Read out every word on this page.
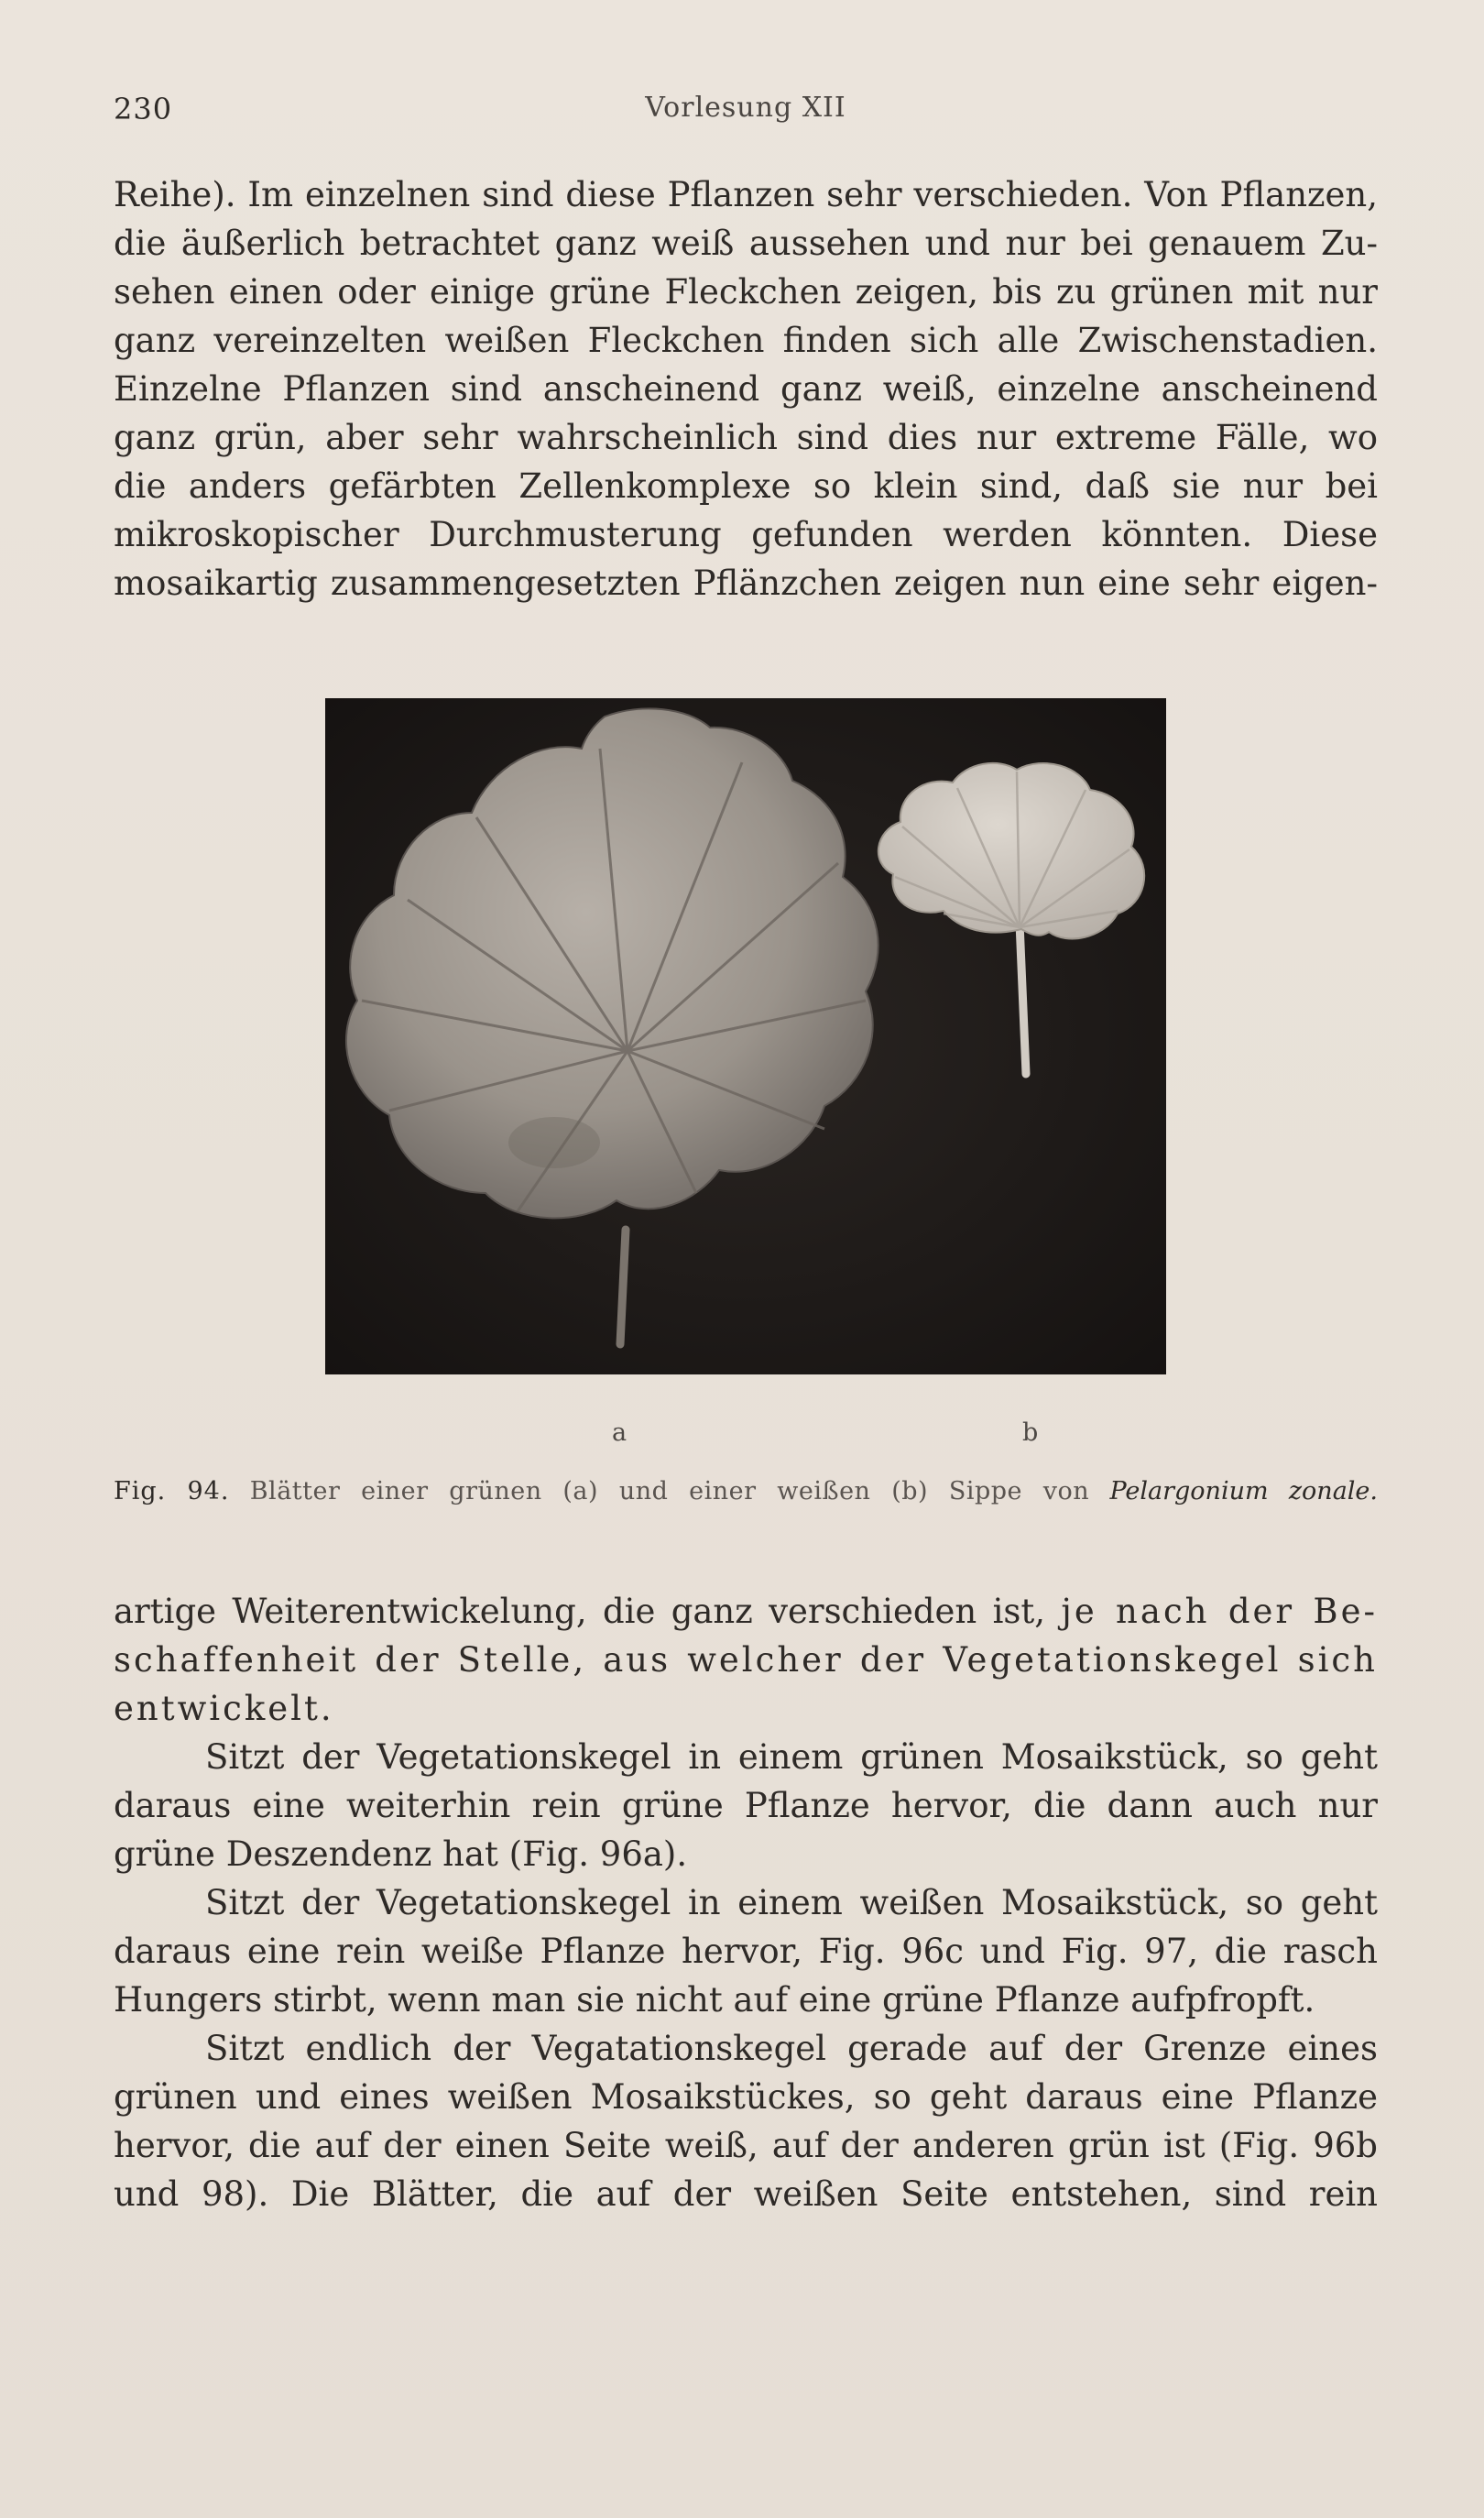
230	Vorlesung XII
Reihe). Im einzelnen sind diese Pflanzen sehr verschieden. Von Pflanzen,
die äußerlich betrachtet ganz weiß aussehen und nur bei genauem Zu-
sehen einen oder einige grüne Fleckchen zeigen, bis zu grünen mit nur
ganz vereinzelten weißen Fleckchen finden sich alle Zwischenstadien.
Einzelne Pflanzen sind anscheinend ganz weiß, einzelne anscheinend
ganz grün, aber sehr wahrscheinlich sind dies nur extreme Fälle, wo
die anders gefärbten Zellenkomplexe so klein sind, daß sie nur bei
mikroskopischer Durchmusterung gefunden werden könnten. Diese
mosaikartig zusammengesetzten Pflänzchen zeigen nun eine sehr eigen-
a	b
Fig. 94. Blätter einer grünen (a) und einer weißen (b) Sippe von Pelargonium zonale.
artige Weiterentwickelung, die ganz verschieden ist, je nach der Be-
schaffenheit der Stelle, aus welcher der Vegetationskegel sich
entwickelt.
Sitzt der Vegetationskegel in einem grünen Mosaikstück, so geht
daraus eine weiterhin rein grüne Pflanze hervor, die dann auch nur
grüne Deszendenz hat (Fig. 96a).
Sitzt der Vegetationskegel in einem weißen Mosaikstück, so geht
daraus eine rein weiße Pflanze hervor, Fig. 96c und Fig. 97, die rasch
Hungers stirbt, wenn man sie nicht auf eine grüne Pflanze aufpfropft.
Sitzt endlich der Vegatationskegel gerade auf der Grenze eines
grünen und eines weißen Mosaikstückes, so geht daraus eine Pflanze
hervor, die auf der einen Seite weiß, auf der anderen grün ist (Fig. 96b
und 98). Die Blätter, die auf der weißen Seite entstehen, sind rein
